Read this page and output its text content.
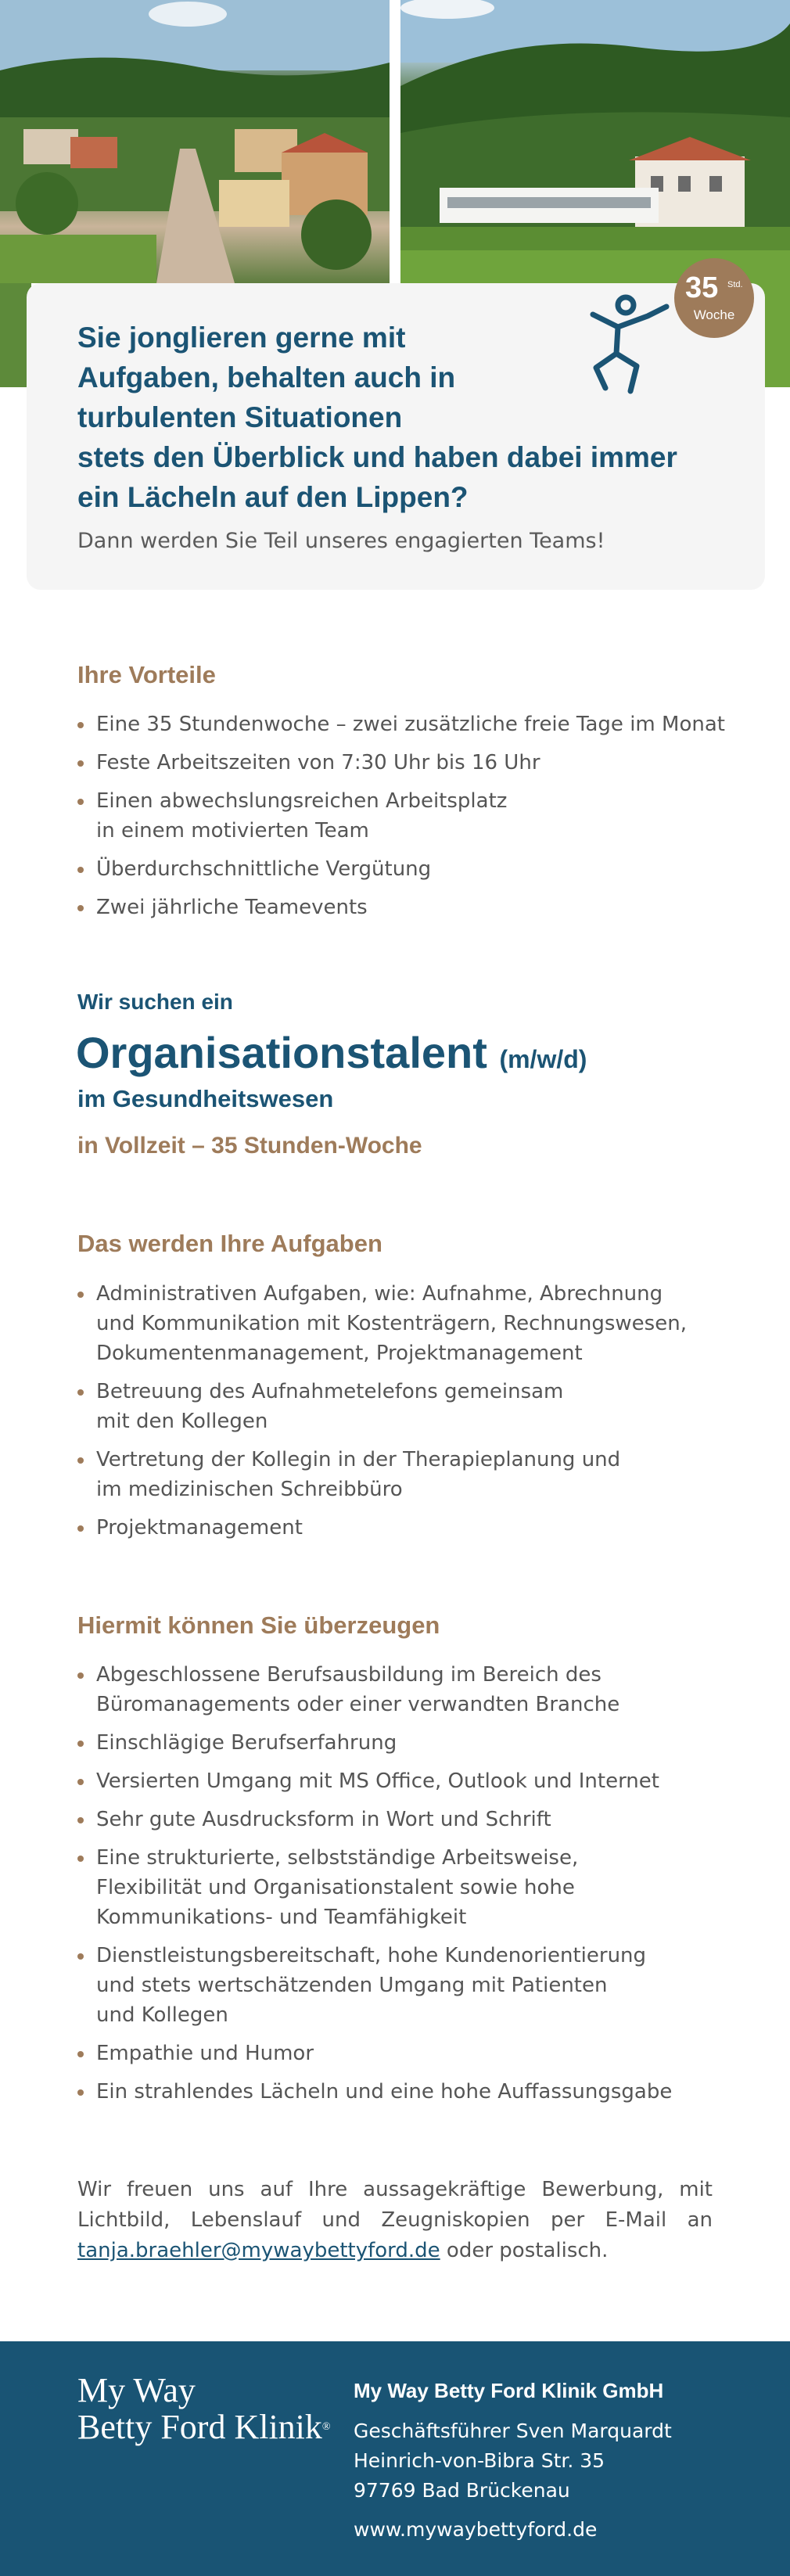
35 Std.
Woche
Sie jonglieren gerne mit
Aufgaben, behalten auch in
turbulenten Situationen
stets den Überblick und haben dabei immer
ein Lächeln auf den Lippen?

Dann werden Sie Teil unseres engagierten Teams!

Ihre Vorteile
Eine 35 Stundenwoche – zwei zusätzliche freie Tage im Monat
Feste Arbeitszeiten von 7:30 Uhr bis 16 Uhr
Einen abwechslungsreichen Arbeitsplatz
in einem motivierten Team
Überdurchschnittliche Vergütung
Zwei jährliche Teamevents

Wir suchen ein

Organisationstalent (m/w/d)

im Gesundheitswesen

in Vollzeit – 35 Stunden-Woche

Das werden Ihre Aufgaben
Administrativen Aufgaben, wie: Aufnahme, Abrechnung
und Kommunikation mit Kostenträgern, Rechnungswesen,
Dokumentenmanagement, Projektmanagement
Betreuung des Aufnahmetelefons gemeinsam
mit den Kollegen
Vertretung der Kollegin in der Therapieplanung und
im medizinischen Schreibbüro
Projektmanagement
Hiermit können Sie überzeugen
Abgeschlossene Berufsausbildung im Bereich des
Büromanagements oder einer verwandten Branche
Einschlägige Berufserfahrung
Versierten Umgang mit MS Office, Outlook und Internet
Sehr gute Ausdrucksform in Wort und Schrift
Eine strukturierte, selbstständige Arbeitsweise,
Flexibilität und Organisationstalent sowie hohe
Kommunikations- und Teamfähigkeit
Dienstleistungsbereitschaft, hohe Kundenorientierung
und stets wertschätzenden Umgang mit Patienten
und Kollegen
Empathie und Humor
Ein strahlendes Lächeln und eine hohe Auffassungsgabe
Wir freuen uns auf Ihre aussagekräftige Bewerbung, mit
Lichtbild, Lebenslauf und Zeugniskopien per E-Mail an
tanja.braehler@mywaybettyford.de oder postalisch.
My Way
Betty Ford Klinik®

My Way Betty Ford Klinik GmbH

Geschäftsführer Sven Marquardt
Heinrich-von-Bibra Str. 35
97769 Bad Brückenau

www.mywaybettyford.de
